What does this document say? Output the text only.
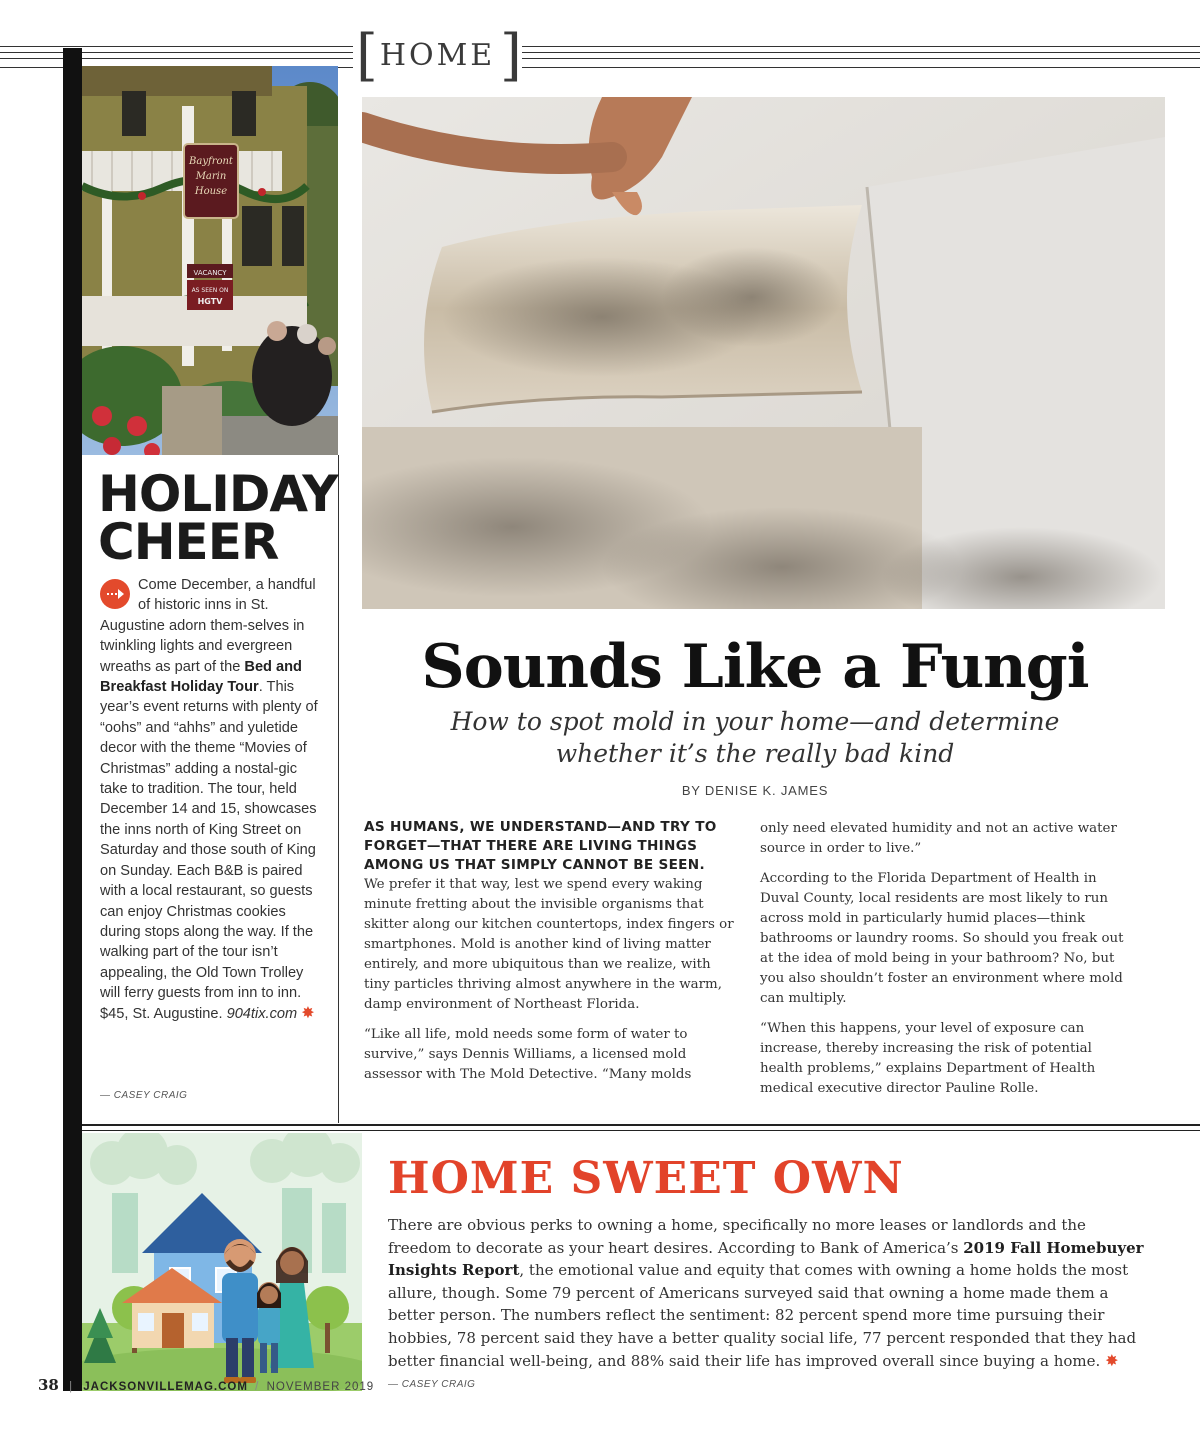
[ HOME ]
Bayfront
Marin
House
VACANCY
AS SEEN ON
HGTV
HOLIDAY
CHEER

Come December, a handful of historic inns in St. Augustine adorn them-selves in twinkling lights and evergreen wreaths as part of the Bed and Breakfast Holiday Tour. This year’s event returns with plenty of “oohs” and “ahhs” and yuletide decor with the theme “Movies of Christmas” adding a nostal-gic take to tradition. The tour, held December 14 and 15, showcases the inns north of King Street on Saturday and those south of King on Sunday. Each B&B is paired with a local restaurant, so guests can enjoy Christmas cookies during stops along the way. If the walking part of the tour isn’t appealing, the Old Town Trolley will ferry guests from inn to inn. $45, St. Augustine. 904tix.com ✸

— CASEY CRAIG
Sounds Like a Fungi

How to spot mold in your home—and determine
whether it’s the really bad kind

BY DENISE K. JAMES
AS HUMANS, WE UNDERSTAND—AND TRY TO FORGET—THAT THERE ARE LIVING THINGS AMONG US THAT SIMPLY CANNOT BE SEEN.

We prefer it that way, lest we spend every waking minute fretting about the invisible organisms that skitter along our kitchen countertops, index fingers or smartphones. Mold is another kind of living matter entirely, and more ubiquitous than we realize, with tiny particles thriving almost anywhere in the warm, damp environment of Northeast Florida.

“Like all life, mold needs some form of water to survive,” says Dennis Williams, a licensed mold assessor with The Mold Detective. “Many molds

only need elevated humidity and not an active water source in order to live.”

According to the Florida Department of Health in Duval County, local residents are most likely to run across mold in particularly humid places—think bathrooms or laundry rooms. So should you freak out at the idea of mold being in your bathroom? No, but you also shouldn’t foster an environment where mold can multiply.

“When this happens, your level of exposure can increase, thereby increasing the risk of potential health problems,” explains Department of Health medical executive director Pauline Rolle.

HOME SWEET OWN

There are obvious perks to owning a home, specifically no more leases or landlords and the freedom to decorate as your heart desires. According to Bank of America’s 2019 Fall Homebuyer Insights Report, the emotional value and equity that comes with owning a home holds the most allure, though. Some 79 percent of Americans surveyed said that owning a home made them a better person. The numbers reflect the sentiment: 82 percent spend more time pursuing their hobbies, 78 percent said they have a better quality social life, 77 percent responded that they had better financial well-being, and 88% said their life has improved overall since buying a home. ✸

— CASEY CRAIG
38 | JACKSONVILLEMAG.COM / NOVEMBER 2019
